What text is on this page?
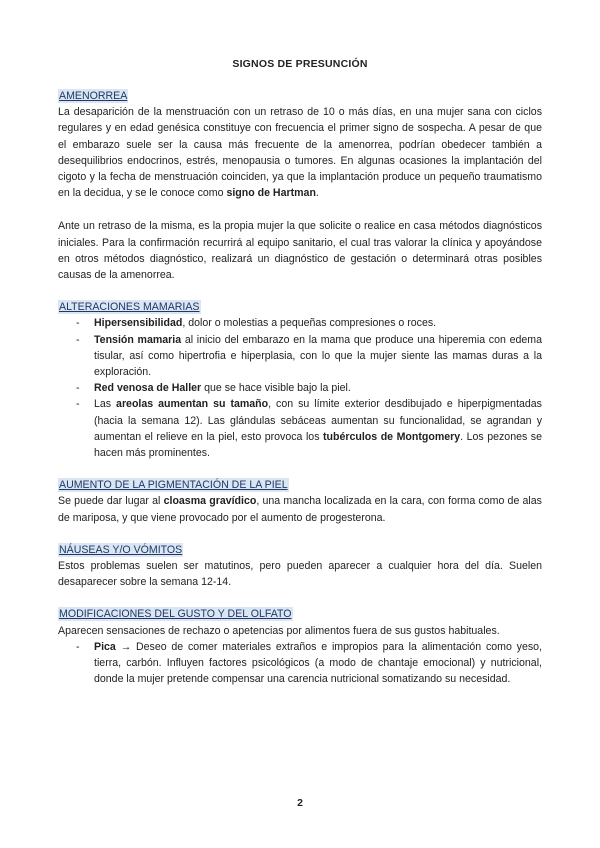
SIGNOS DE PRESUNCIÓN
AMENORREA

La desaparición de la menstruación con un retraso de 10 o más días, en una mujer sana con ciclos regulares y en edad genésica constituye con frecuencia el primer signo de sospecha. A pesar de que el embarazo suele ser la causa más frecuente de la amenorrea, podrían obedecer también a desequilibrios endocrinos, estrés, menopausia o tumores. En algunas ocasiones la implantación del cigoto y la fecha de menstruación coinciden, ya que la implantación produce un pequeño traumatismo en la decidua, y se le conoce como signo de Hartman.

Ante un retraso de la misma, es la propia mujer la que solicite o realice en casa métodos diagnósticos iniciales. Para la confirmación recurrirá al equipo sanitario, el cual tras valorar la clínica y apoyándose en otros métodos diagnóstico, realizará un diagnóstico de gestación o determinará otras posibles causas de la amenorrea.

ALTERACIONES MAMARIAS
- Hipersensibilidad, dolor o molestias a pequeñas compresiones o roces.
- Tensión mamaria al inicio del embarazo en la mama que produce una hiperemia con edema tisular, así como hipertrofia e hiperplasia, con lo que la mujer siente las mamas duras a la exploración.
- Red venosa de Haller que se hace visible bajo la piel.
- Las areolas aumentan su tamaño, con su límite exterior desdibujado e hiperpigmentadas (hacia la semana 12). Las glándulas sebáceas aumentan su funcionalidad, se agrandan y aumentan el relieve en la piel, esto provoca los tubérculos de Montgomery. Los pezones se hacen más prominentes.
AUMENTO DE LA PIGMENTACIÓN DE LA PIEL

Se puede dar lugar al cloasma gravídico, una mancha localizada en la cara, con forma como de alas de mariposa, y que viene provocado por el aumento de progesterona.

NÁUSEAS Y/O VÓMITOS

Estos problemas suelen ser matutinos, pero pueden aparecer a cualquier hora del día. Suelen desaparecer sobre la semana 12-14.

MODIFICACIONES DEL GUSTO Y DEL OLFATO

Aparecen sensaciones de rechazo o apetencias por alimentos fuera de sus gustos habituales.

- Pica → Deseo de comer materiales extraños e impropios para la alimentación como yeso, tierra, carbón. Influyen factores psicológicos (a modo de chantaje emocional) y nutricional, donde la mujer pretende compensar una carencia nutricional somatizando su necesidad.
2
